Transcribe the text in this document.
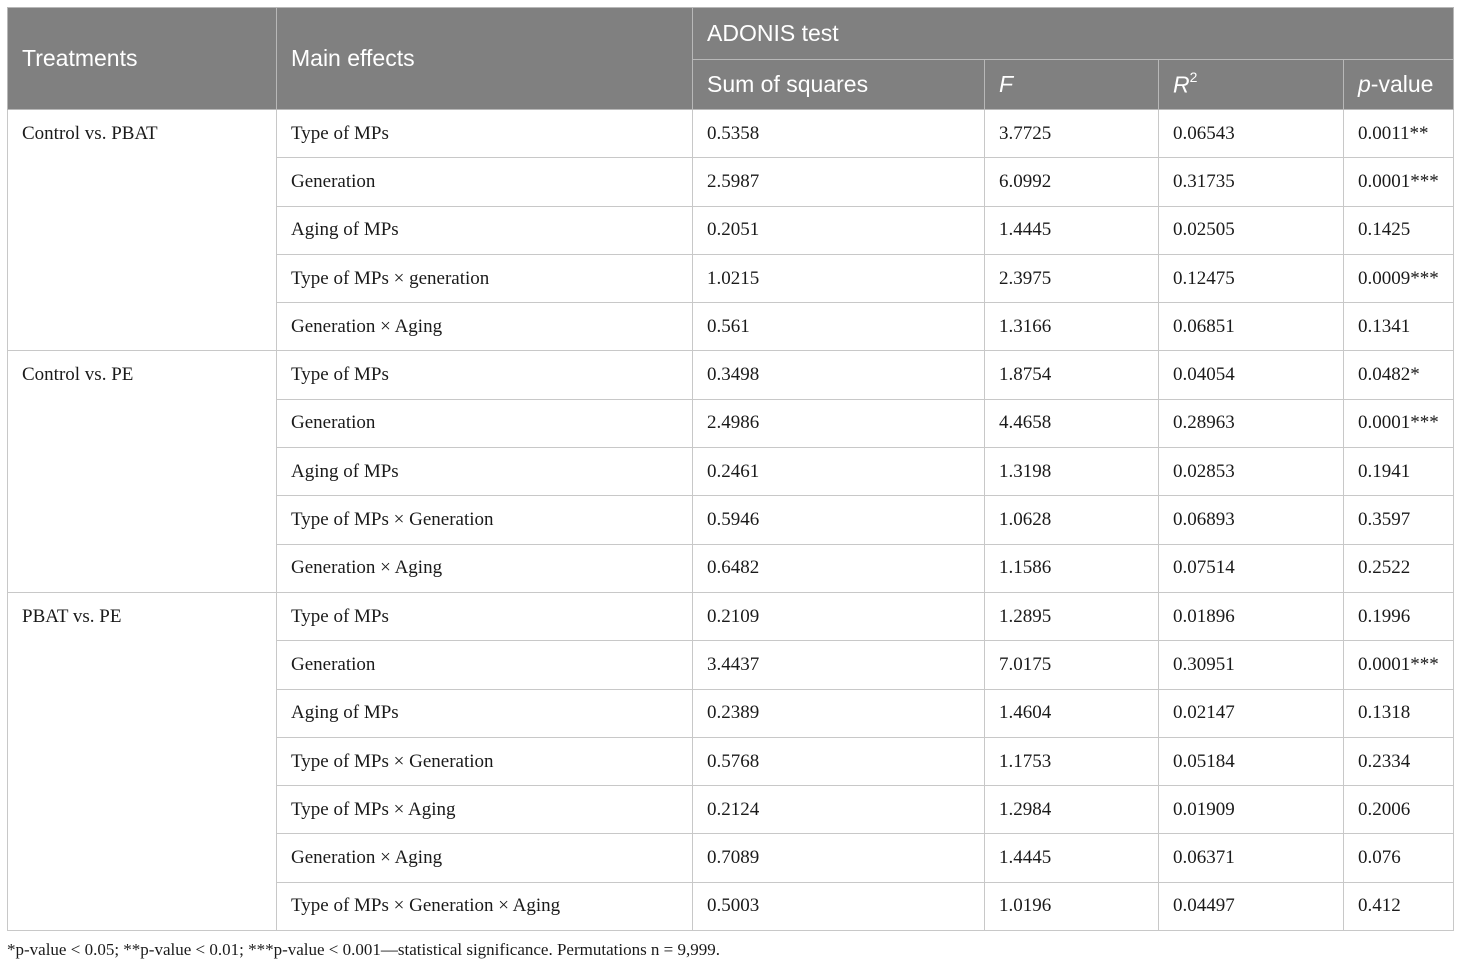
Treatments	Main effects	ADONIS test			
		Sum of squares	F	$R^2$	p-value
Control vs. PBAT	Type of MPs	0.5358	3.7725	0.06543	0.0011**
	Generation	2.5987	6.0992	0.31735	0.0001***
	Aging of MPs	0.2051	1.4445	0.02505	0.1425
	Type of MPs × generation	1.0215	2.3975	0.12475	0.0009***
	Generation × Aging	0.561	1.3166	0.06851	0.1341
Control vs. PE	Type of MPs	0.3498	1.8754	0.04054	0.0482*
	Generation	2.4986	4.4658	0.28963	0.0001***
	Aging of MPs	0.2461	1.3198	0.02853	0.1941
	Type of MPs × Generation	0.5946	1.0628	0.06893	0.3597
	Generation × Aging	0.6482	1.1586	0.07514	0.2522
PBAT vs. PE	Type of MPs	0.2109	1.2895	0.01896	0.1996
	Generation	3.4437	7.0175	0.30951	0.0001***
	Aging of MPs	0.2389	1.4604	0.02147	0.1318
	Type of MPs × Generation	0.5768	1.1753	0.05184	0.2334
	Type of MPs × Aging	0.2124	1.2984	0.01909	0.2006
	Generation × Aging	0.7089	1.4445	0.06371	0.076
	Type of MPs × Generation × Aging	0.5003	1.0196	0.04497	0.412
*p-value < 0.05; **p-value < 0.01; ***p-value < 0.001—statistical significance. Permutations n = 9,999.
